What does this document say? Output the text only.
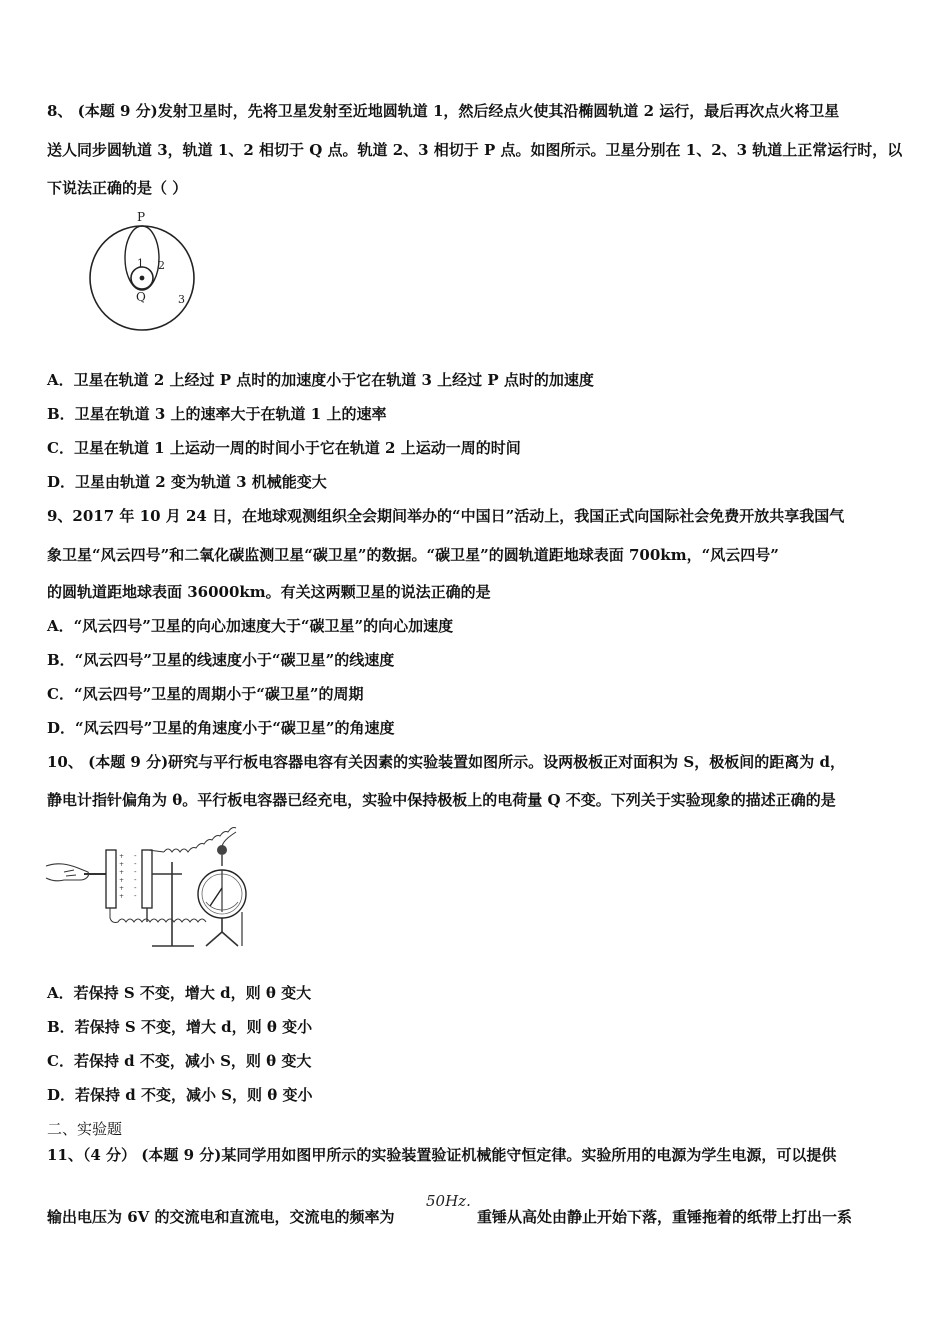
8、 (本题 9 分)发射卫星时，先将卫星发射至近地圆轨道 1，然后经点火使其沿椭圆轨道 2 运行，最后再次点火将卫星
送人同步圆轨道 3，轨道 1、2 相切于 Q 点。轨道 2、3 相切于 P 点。如图所示。卫星分别在 1、2、3 轨道上正常运行时，以
下说法正确的是（ ）
P
1 2
Q	3
A．卫星在轨道 2 上经过 P 点时的加速度小于它在轨道 3 上经过 P 点时的加速度
B．卫星在轨道 3 上的速率大于在轨道 1 上的速率
C．卫星在轨道 1 上运动一周的时间小于它在轨道 2 上运动一周的时间
D．卫星由轨道 2 变为轨道 3 机械能变大
9、2017 年 10 月 24 日，在地球观测组织全会期间举办的“中国日”活动上，我国正式向国际社会免费开放共享我国气
象卫星“风云四号”和二氧化碳监测卫星“碳卫星”的数据。“碳卫星”的圆轨道距地球表面 700km，“风云四号”
的圆轨道距地球表面 36000km。有关这两颗卫星的说法正确的是
A．“风云四号”卫星的向心加速度大于“碳卫星”的向心加速度
B．“风云四号”卫星的线速度小于“碳卫星”的线速度
C．“风云四号”卫星的周期小于“碳卫星”的周期
D．“风云四号”卫星的角速度小于“碳卫星”的角速度
10、 (本题 9 分)研究与平行板电容器电容有关因素的实验装置如图所示。设两极板正对面积为 S，极板间的距离为 d，
静电计指针偏角为 θ。平行板电容器已经充电，实验中保持极板上的电荷量 Q 不变。下列关于实验现象的描述正确的是
+
+
+
+
+
+
-
-
-
-
-
-
A．若保持 S 不变，增大 d，则 θ 变大
B．若保持 S 不变，增大 d，则 θ 变小
C．若保持 d 不变，减小 S，则 θ 变大
D．若保持 d 不变，减小 S，则 θ 变小
二、实验题
11、（4 分） (本题 9 分)某同学用如图甲所示的实验装置验证机械能守恒定律。实验所用的电源为学生电源，可以提供
输出电压为 6V 的交流电和直流电，交流电的频率为
50Hz.
重锤从高处由静止开始下落，重锤拖着的纸带上打出一系
